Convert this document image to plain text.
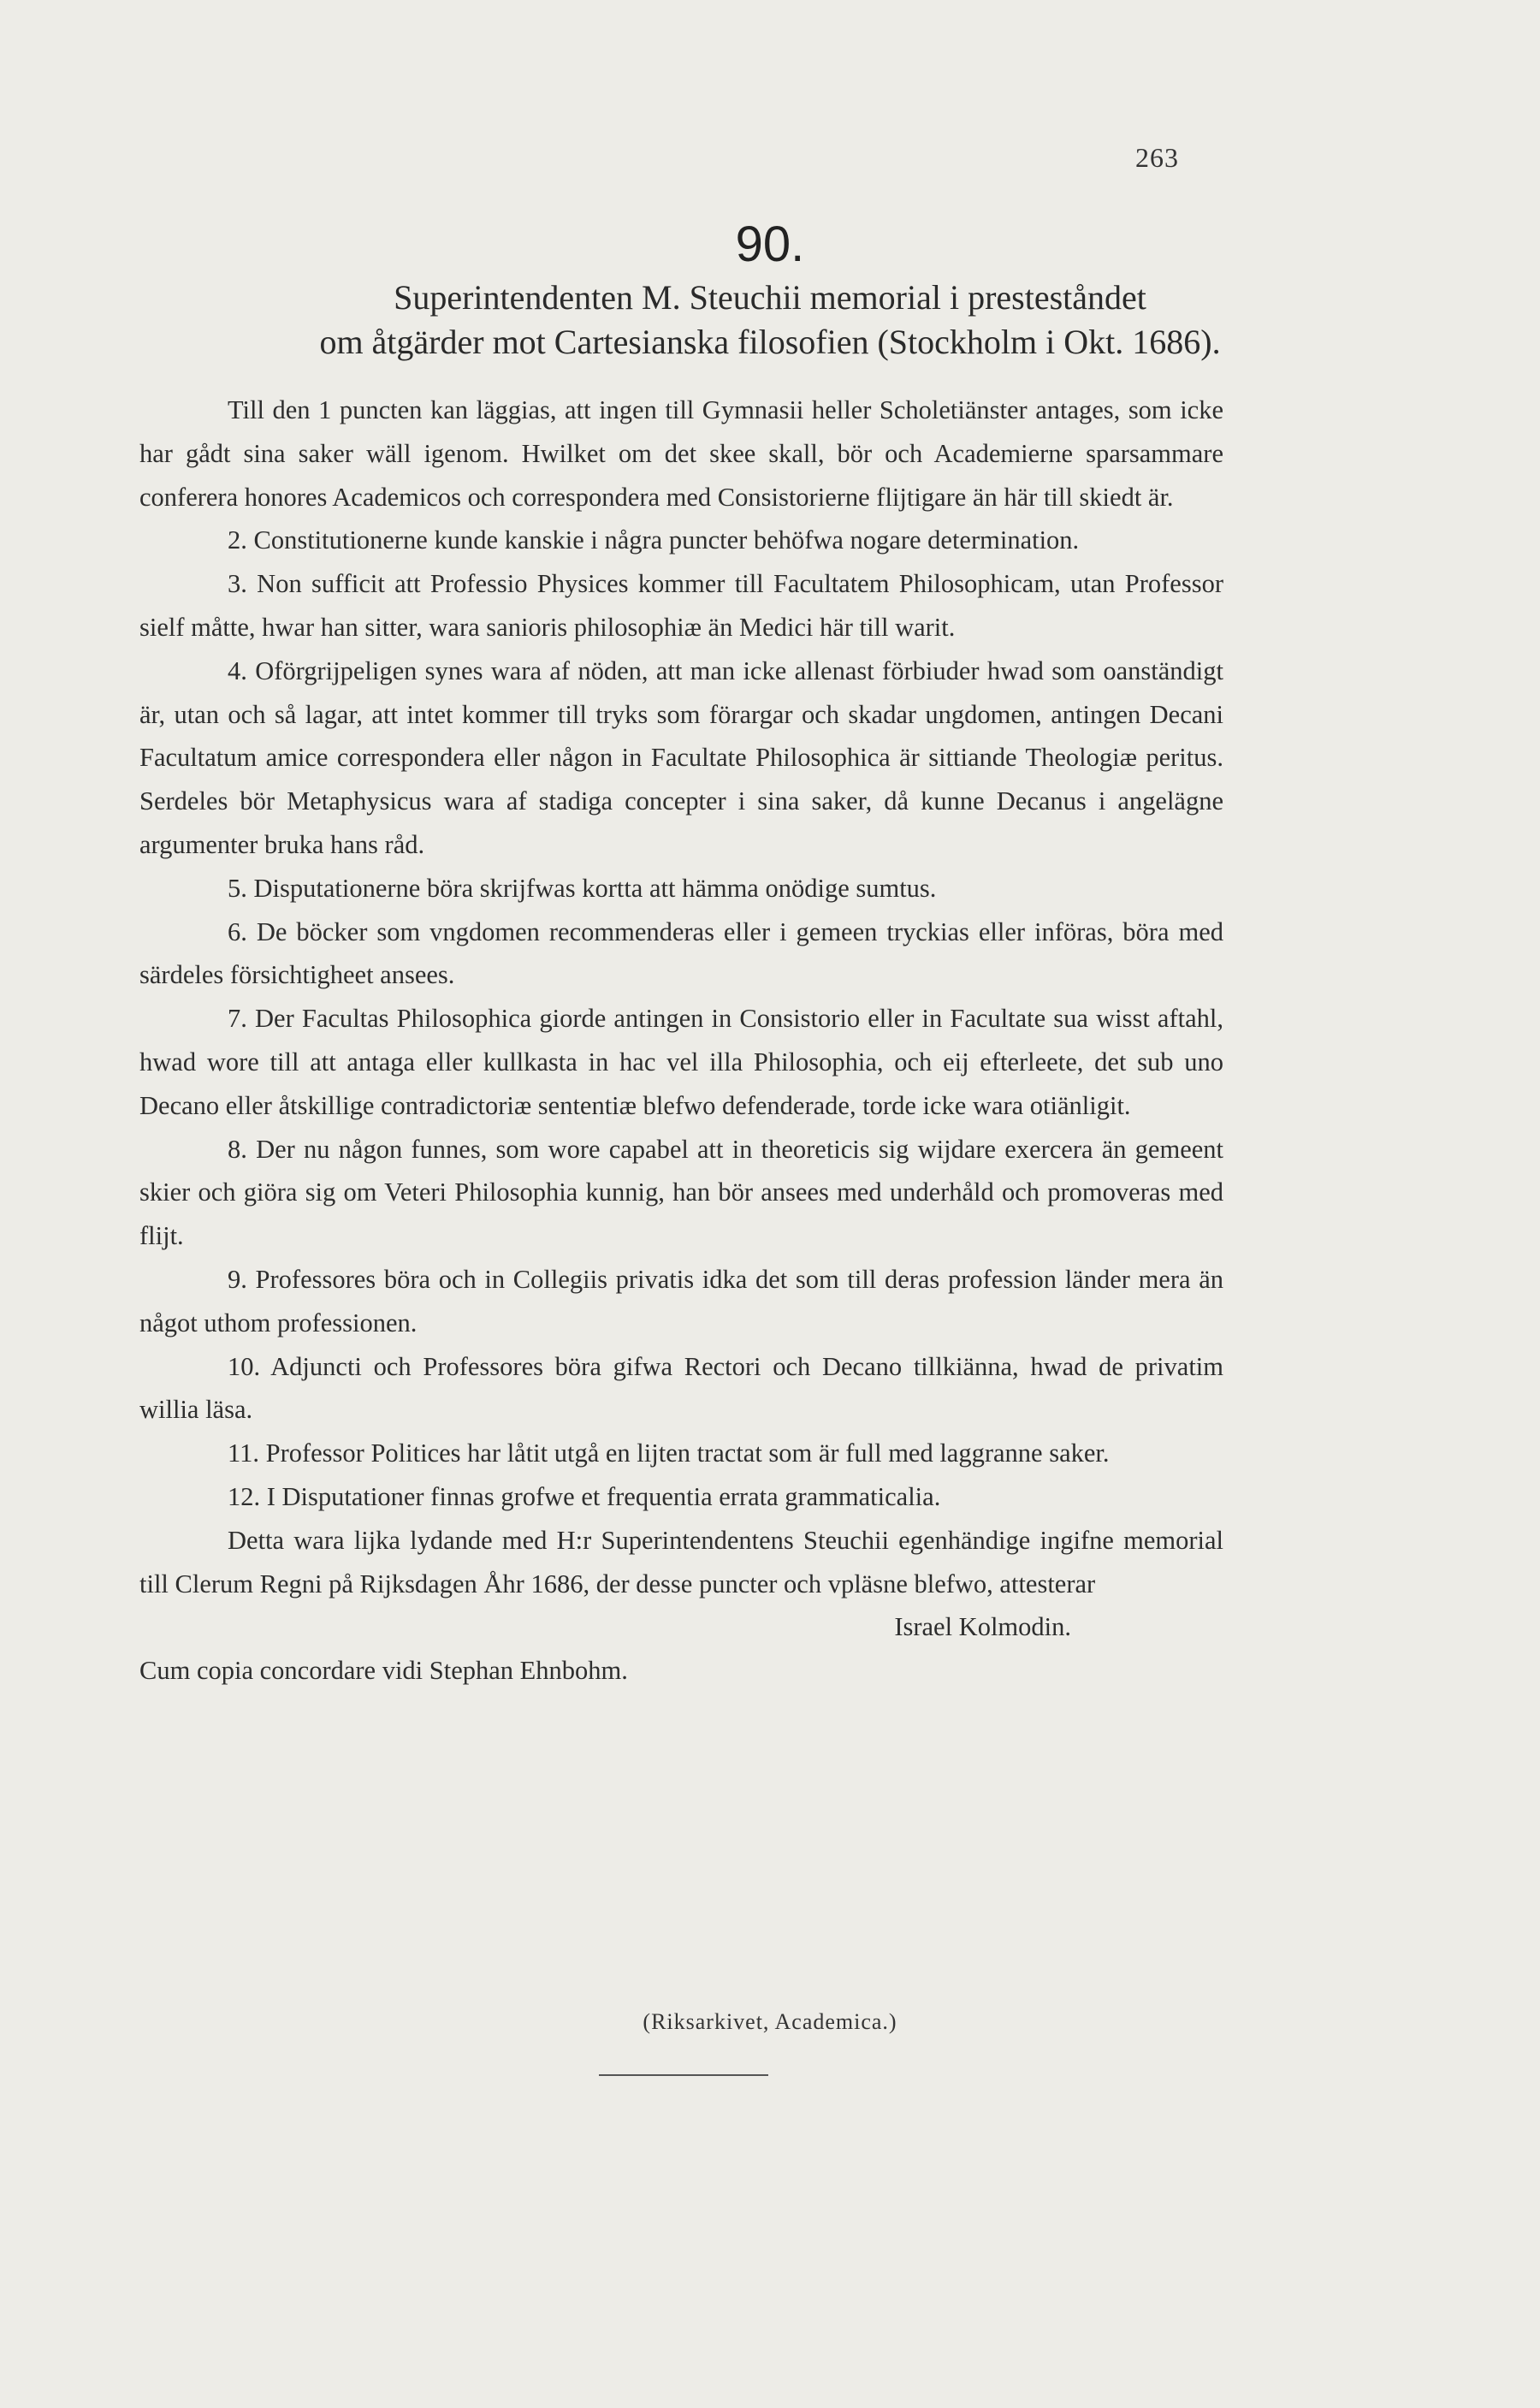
263
90.
Superintendenten M. Steuchii memorial i presteståndet
om åtgärder mot Cartesianska filosofien (Stockholm i Okt. 1686).

Till den 1 puncten kan läggias, att ingen till Gymnasii heller Scholetiänster antages, som icke har gådt sina saker wäll igenom. Hwilket om det skee skall, bör och Academierne sparsammare conferera honores Academicos och correspondera med Consistorierne flijtigare än här till skiedt är.

2. Constitutionerne kunde kanskie i några puncter behöfwa nogare determination.

3. Non sufficit att Professio Physices kommer till Facultatem Philosophicam, utan Professor sielf måtte, hwar han sitter, wara sanioris philosophiæ än Medici här till warit.

4. Oförgrijpeligen synes wara af nöden, att man icke allenast förbiuder hwad som oanständigt är, utan och så lagar, att intet kommer till tryks som förargar och skadar ungdomen, antingen Decani Facultatum amice correspondera eller någon in Facultate Philosophica är sittiande Theologiæ peritus. Serdeles bör Metaphysicus wara af stadiga concepter i sina saker, då kunne Decanus i angelägne argumenter bruka hans råd.

5. Disputationerne böra skrijfwas kortta att hämma onödige sumtus.

6. De böcker som vngdomen recommenderas eller i gemeen tryckias eller införas, böra med särdeles försichtigheet ansees.

7. Der Facultas Philosophica giorde antingen in Consistorio eller in Facultate sua wisst aftahl, hwad wore till att antaga eller kullkasta in hac vel illa Philosophia, och eij efterleete, det sub uno Decano eller åtskillige contradictoriæ sententiæ blefwo defenderade, torde icke wara otiänligit.

8. Der nu någon funnes, som wore capabel att in theoreticis sig wijdare exercera än gemeent skier och giöra sig om Veteri Philosophia kunnig, han bör ansees med underhåld och promoveras med flijt.

9. Professores böra och in Collegiis privatis idka det som till deras profession länder mera än något uthom professionen.

10. Adjuncti och Professores böra gifwa Rectori och Decano tillkiänna, hwad de privatim willia läsa.

11. Professor Politices har låtit utgå en lijten tractat som är full med laggranne saker.

12. I Disputationer finnas grofwe et frequentia errata grammaticalia.

Detta wara lijka lydande med H:r Superintendentens Steuchii egenhändige ingifne memorial till Clerum Regni på Rijksdagen Åhr 1686, der desse puncter och vpläsne blefwo, attesterar

Israel Kolmodin.

Cum copia concordare vidi Stephan Ehnbohm.

(Riksarkivet, Academica.)
